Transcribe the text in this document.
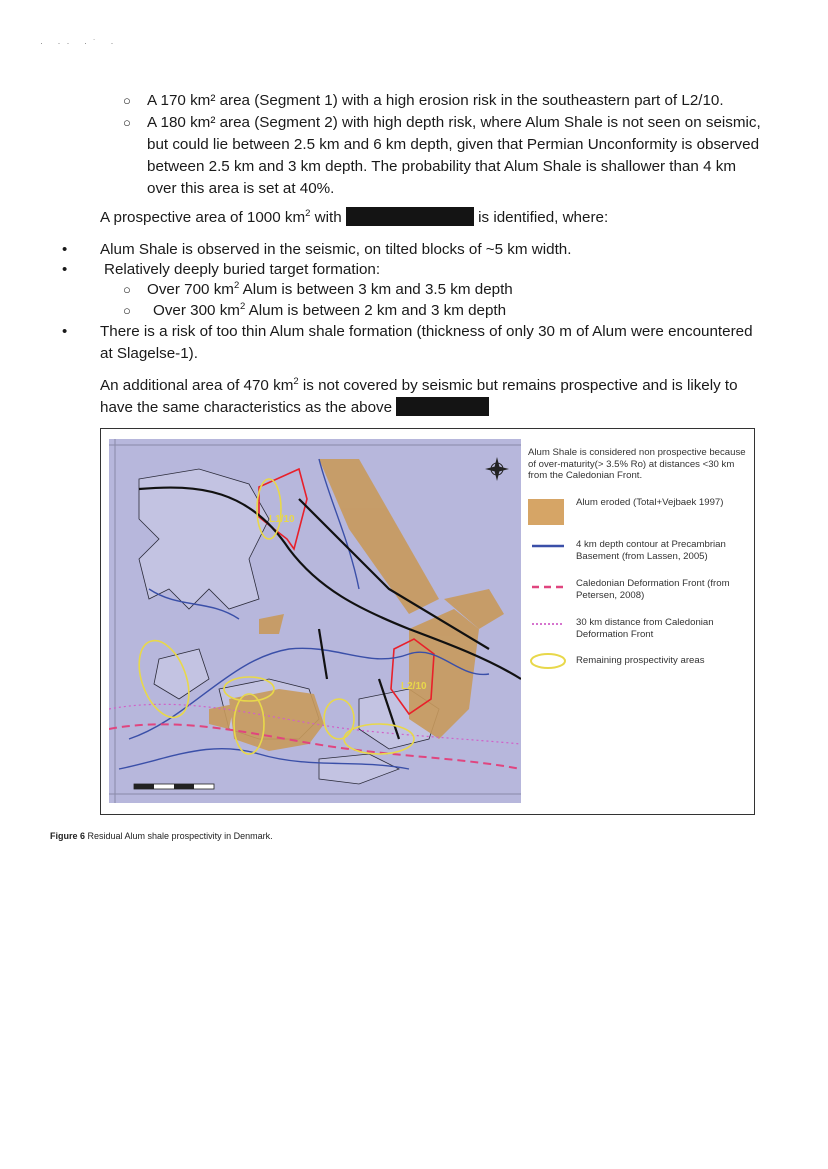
· ·· ·˙ ·
○ A 170 km² area (Segment 1) with a high erosion risk in the southeastern part of L2/10.
○ A 180 km² area (Segment 2) with high depth risk, where Alum Shale is not seen on seismic, but could lie between 2.5 km and 6 km depth, given that Permian Unconformity is observed between 2.5 km and 3 km depth. The probability that Alum Shale is shallower than 4 km over this area is set at 40%.
A prospective area of 1000 $km^2$ with	is identified, where:
• Alum Shale is observed in the seismic, on tilted blocks of ~5 km width.
• Relatively deeply buried target formation:
○ Over 700 $km^2$ Alum is between 3 km and 3.5 km depth
○ Over 300 $km^2$ Alum is between 2 km and 3 km depth
• There is a risk of too thin Alum shale formation (thickness of only 30 m of Alum were encountered at Slagelse-1).
An additional area of 470 $km^2$ is not covered by seismic but remains prospective and is likely to have the same characteristics as the above
L1/10
L2/10
Alum Shale is considered non prospective because of over-maturity(> 3.5% Ro) at distances <30 km from the Caledonian Front.
Alum eroded (Total+Vejbaek 1997)
4 km depth contour at Precambrian Basement (from Lassen, 2005)
Caledonian Deformation Front (from Petersen, 2008)
30 km distance from Caledonian Deformation Front
Remaining prospectivity areas
Figure 6 Residual Alum shale prospectivity in Denmark.
